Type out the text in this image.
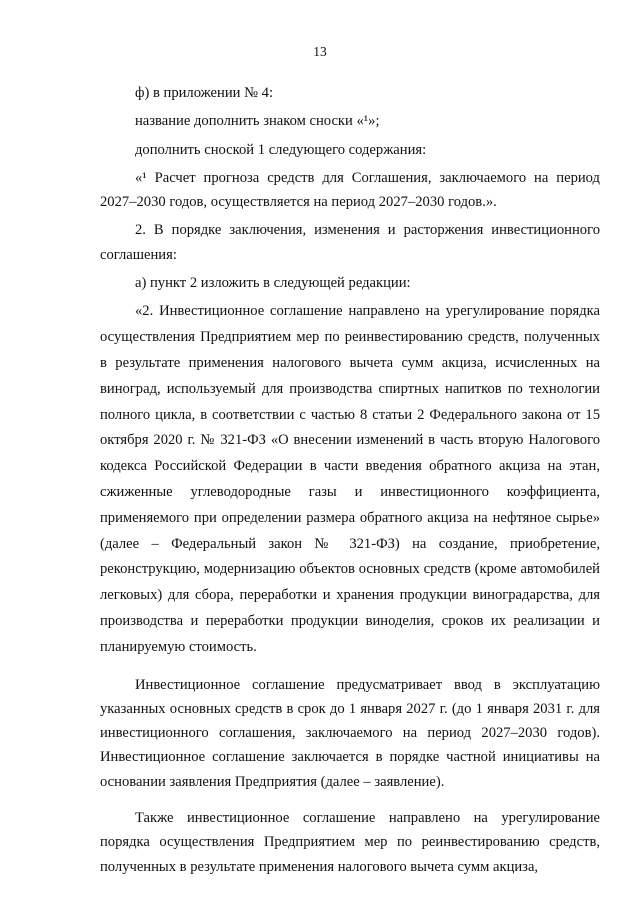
13

ф) в приложении № 4:

название дополнить знаком сноски «¹»;

дополнить сноской 1 следующего содержания:

«¹ Расчет прогноза средств для Соглашения, заключаемого на период 2027–2030 годов, осуществляется на период 2027–2030 годов.».

2. В порядке заключения, изменения и расторжения инвестиционного соглашения:

а) пункт 2 изложить в следующей редакции:

«2. Инвестиционное соглашение направлено на урегулирование порядка осуществления Предприятием мер по реинвестированию средств, полученных в результате применения налогового вычета сумм акциза, исчисленных на виноград, используемый для производства спиртных напитков по технологии полного цикла, в соответствии с частью 8 статьи 2 Федерального закона от 15 октября 2020 г. № 321-ФЗ «О внесении изменений в часть вторую Налогового кодекса Российской Федерации в части введения обратного акциза на этан, сжиженные углеводородные газы и инвестиционного коэффициента, применяемого при определении размера обратного акциза на нефтяное сырье» (далее – Федеральный закон № 321-ФЗ) на создание, приобретение, реконструкцию, модернизацию объектов основных средств (кроме автомобилей легковых) для сбора, переработки и хранения продукции виноградарства, для производства и переработки продукции виноделия, сроков их реализации и планируемую стоимость.

Инвестиционное соглашение предусматривает ввод в эксплуатацию указанных основных средств в срок до 1 января 2027 г. (до 1 января 2031 г. для инвестиционного соглашения, заключаемого на период 2027–2030 годов). Инвестиционное соглашение заключается в порядке частной инициативы на основании заявления Предприятия (далее – заявление).

Также инвестиционное соглашение направлено на урегулирование порядка осуществления Предприятием мер по реинвестированию средств, полученных в результате применения налогового вычета сумм акциза,
